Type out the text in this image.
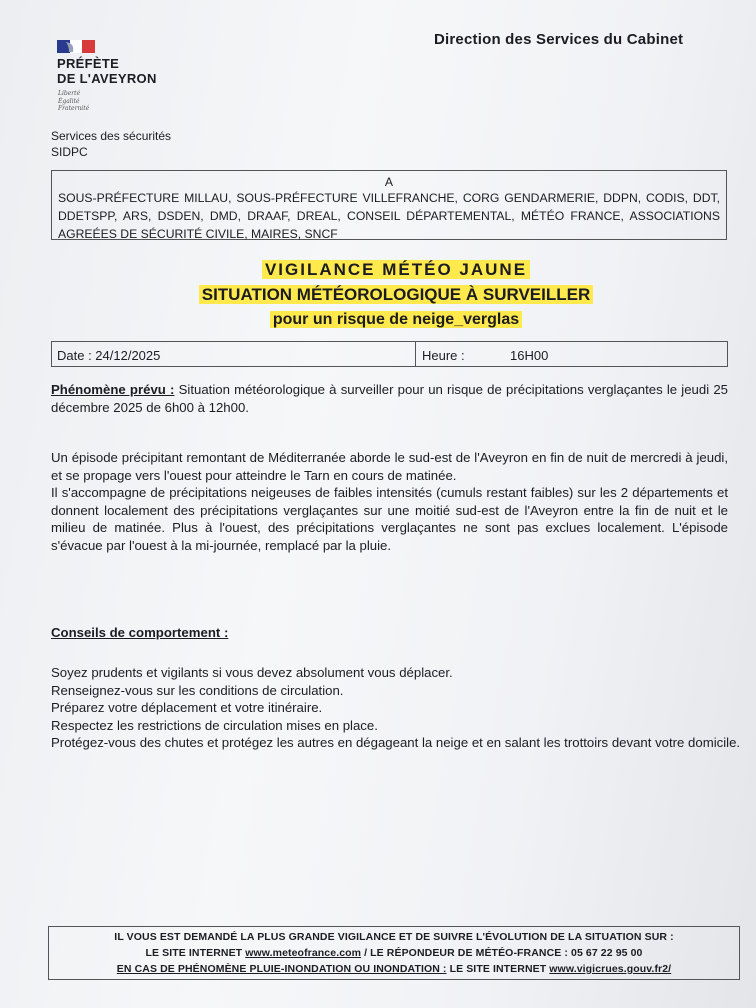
PRÉFÈTE
DE L'AVEYRON
Liberté
Égalité
Fraternité
Direction des Services du Cabinet
Services des sécurités
SIDPC
A
SOUS-PRÉFECTURE MILLAU, SOUS-PRÉFECTURE VILLEFRANCHE, CORG GENDARMERIE, DDPN, CODIS, DDT, DDETSPP, ARS, DSDEN, DMD, DRAAF, DREAL, CONSEIL DÉPARTEMENTAL, MÉTÉO FRANCE, ASSOCIATIONS AGREÉES DE SÉCURITÉ CIVILE, MAIRES, SNCF
VIGILANCE MÉTÉO JAUNE
SITUATION MÉTÉOROLOGIQUE À SURVEILLER
pour un risque de neige_verglas
Date : 24/12/2025	Heure :	16H00
Phénomène prévu : Situation météorologique à surveiller pour un risque de précipitations verglaçantes le jeudi 25 décembre 2025 de 6h00 à 12h00.
Un épisode précipitant remontant de Méditerranée aborde le sud-est de l'Aveyron en fin de nuit de mercredi à jeudi, et se propage vers l'ouest pour atteindre le Tarn en cours de matinée.
Il s'accompagne de précipitations neigeuses de faibles intensités (cumuls restant faibles) sur les 2 départements et donnent localement des précipitations verglaçantes sur une moitié sud-est de l'Aveyron entre la fin de nuit et le milieu de matinée. Plus à l'ouest, des précipitations verglaçantes ne sont pas exclues localement. L'épisode s'évacue par l'ouest à la mi-journée, remplacé par la pluie.
Conseils de comportement :
Soyez prudents et vigilants si vous devez absolument vous déplacer.
Renseignez-vous sur les conditions de circulation.
Préparez votre déplacement et votre itinéraire.
Respectez les restrictions de circulation mises en place.
Protégez-vous des chutes et protégez les autres en dégageant la neige et en salant les trottoirs devant votre domicile.
IL VOUS EST DEMANDÉ LA PLUS GRANDE VIGILANCE ET DE SUIVRE L'ÉVOLUTION DE LA SITUATION SUR :
LE SITE INTERNET www.meteofrance.com / LE RÉPONDEUR DE MÉTÉO-FRANCE : 05 67 22 95 00
EN CAS DE PHÉNOMÈNE PLUIE-INONDATION OU INONDATION : LE SITE INTERNET www.vigicrues.gouv.fr2/
